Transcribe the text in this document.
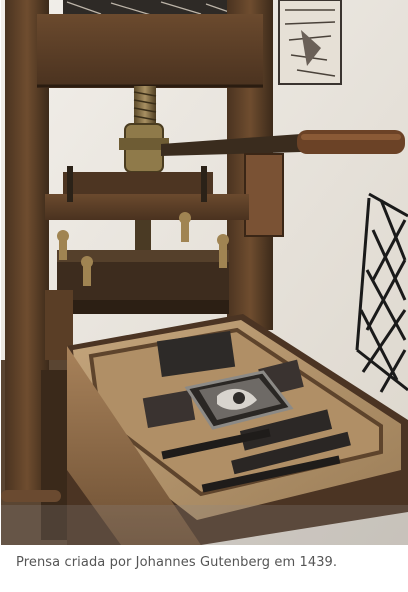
Prensa criada por Johannes Gutenberg em 1439.
